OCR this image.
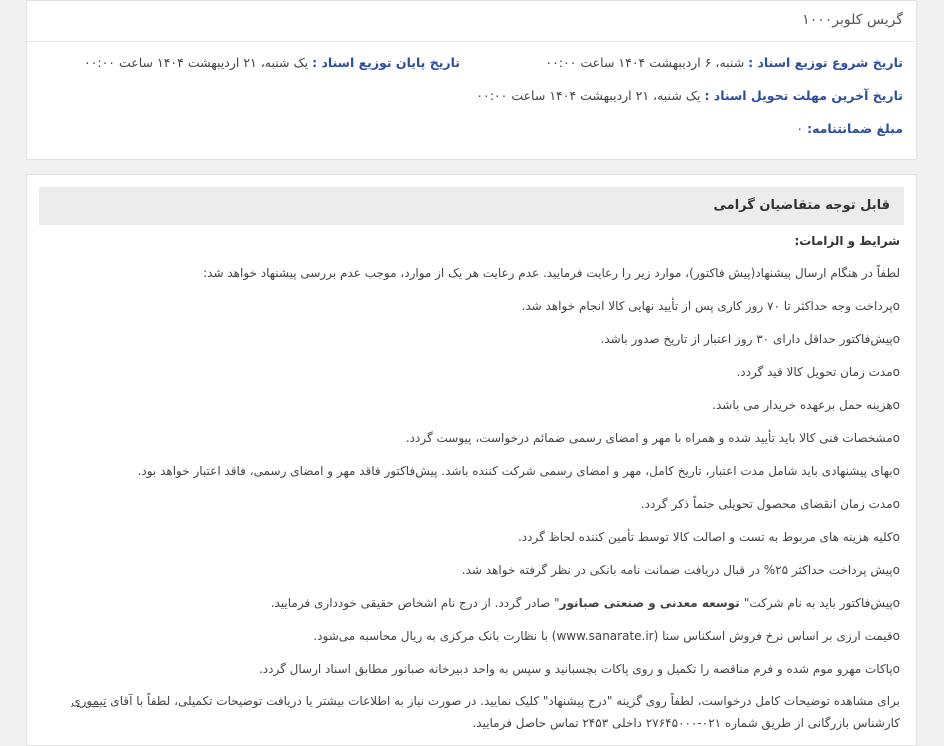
گریس کلوبر۱۰۰۰
تاریخ شروع توزیع اسناد : شنبه، ۶ اردیبهشت ۱۴۰۴ ساعت ۰۰:۰۰
تاریخ پایان توزیع اسناد : یک شنبه، ۲۱ اردیبهشت ۱۴۰۴ ساعت ۰۰:۰۰
تاریخ آخرین مهلت تحویل اسناد : یک شنبه، ۲۱ اردیبهشت ۱۴۰۴ ساعت ۰۰:۰۰
مبلغ ضمانتنامه: ۰
قابل توجه متقاضیان گرامی
شرایط و الزامات:
لطفاً در هنگام ارسال پیشنهاد(پیش فاکتور)، موارد زیر را رعایت فرمایید. عدم رعایت هر یک از موارد، موجب عدم بررسی پیشنهاد خواهد شد:
oپرداخت وجه حداکثر تا ۷۰ روز کاری پس از تأیید نهایی کالا انجام خواهد شد.
oپیش‌فاکتور حداقل دارای ۳۰ روز اعتبار از تاریخ صدور باشد.
oمدت زمان تحویل کالا قید گردد.
oهزینه حمل برعهده خریدار می باشد.
oمشخصات فنی کالا باید تأیید شده و همراه با مهر و امضای رسمی ضمائم درخواست، پیوست گردد.
oبهای پیشنهادی باید شامل مدت اعتبار، تاریخ کامل، مهر و امضای رسمی شرکت کننده باشد. پیش‌فاکتور فاقد مهر و امضای رسمی، فاقد اعتبار خواهد بود.
oمدت زمان انقضای محصول تحویلی حتماً ذکر گردد.
oکلیه هزینه های مربوط به تست و اصالت کالا توسط تأمین کننده لحاظ گردد.
oپیش پرداخت حداکثر ۲۵% در قبال دریافت ضمانت نامه بانکی در نظر گرفته خواهد شد.
oپیش‌فاکتور باید به نام شرکت" توسعه معدنی و صنعتی صبانور" صادر گردد. از درج نام اشخاص حقیقی خودداری فرمایید.
oقیمت ارزی بر اساس نرخ فروش اسکناس سنا (www.sanarate.ir) با نظارت بانک مرکزی به ریال محاسبه می‌شود.
oپاکات مهرو موم شده و فرم مناقصه را تکمیل و روی پاکات بچسبانید و سپس به واحد دبیرخانه صبانور مطابق اسناد ارسال گردد.
برای مشاهده توضیحات کامل درخواست، لطفاً روی گزینه "درج پیشنهاد" کلیک نمایید. در صورت نیاز به اطلاعات بیشتر یا دریافت توضیحات تکمیلی، لطفاً با آقای تیموری کارشناس بازرگانی از طریق شماره ۰۲۱-۲۷۶۴۵۰۰۰ داخلی ۲۴۵۳ تماس حاصل فرمایید.
